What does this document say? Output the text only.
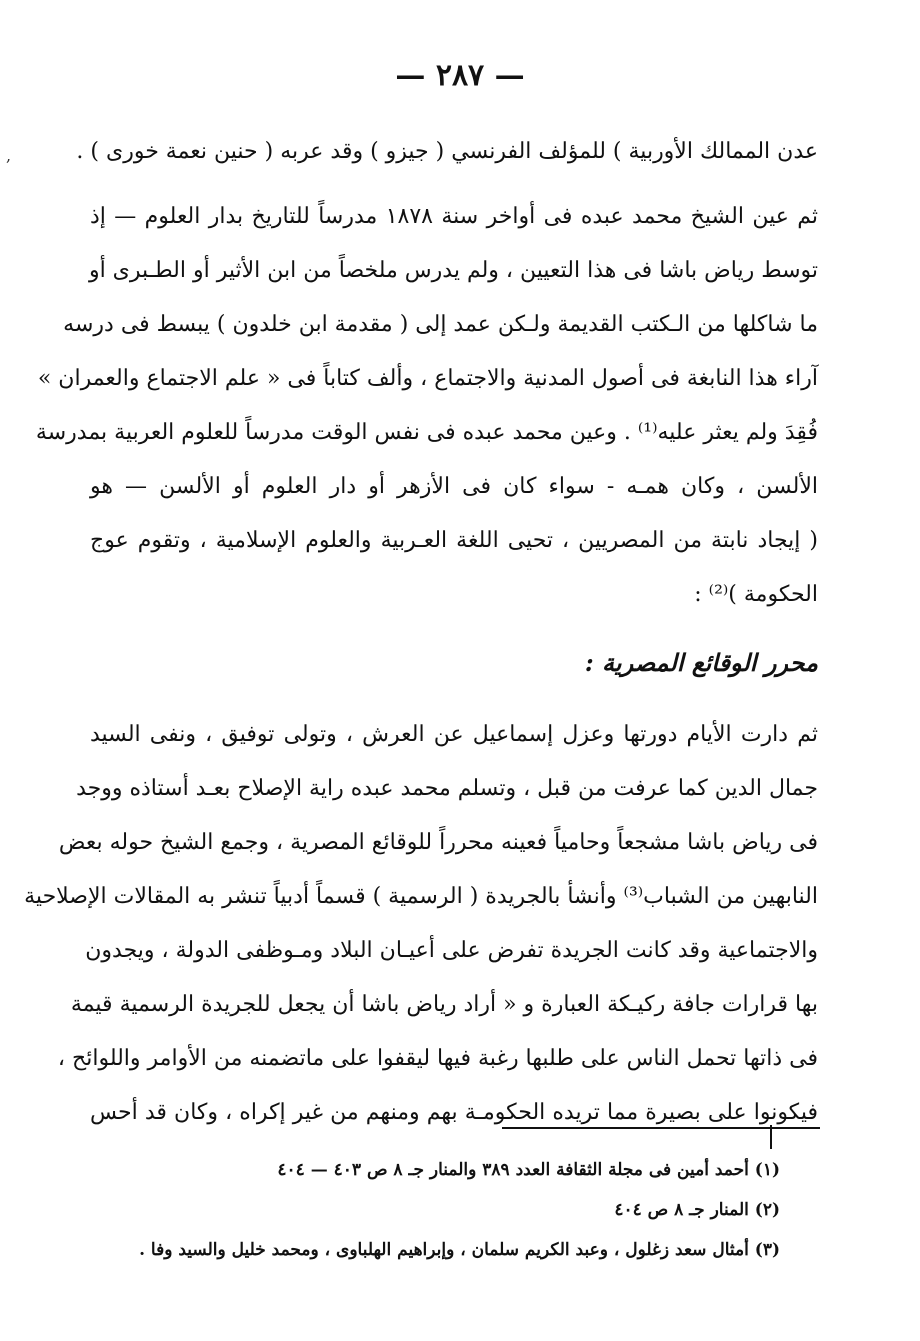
,
— ٢٨٧ —
عدن الممالك الأوربية ) للمؤلف الفرنسي ( جيزو ) وقد عربه ( حنين نعمة خورى ) .
ثم عين الشيخ محمد عبده فى أواخر سنة ١٨٧٨ مدرساً للتاريخ بدار العلوم — إذ
توسط رياض باشا فى هذا التعيين ، ولم يدرس ملخصاً من ابن الأثير أو الطـبرى أو
ما شاكلها من الـكتب القديمة ولـكن عمد إلى ( مقدمة ابن خلدون ) يبسط فى درسه
آراء هذا النابغة فى أصول المدنية والاجتماع ، وألف كتاباً فى « علم الاجتماع والعمران »
فُقِدَ ولم يعثر عليه⁽¹⁾ . وعين محمد عبده فى نفس الوقت مدرساً للعلوم العربية بمدرسة
الألسن ، وكان همـه - سواء كان فى الأزهر أو دار العلوم أو الألسن — هو
( إيجاد نابتة من المصريين ، تحيى اللغة العـربية والعلوم الإسلامية ، وتقوم عوج
الحكومة )⁽²⁾ :
محرر الوقائع المصرية :
ثم دارت الأيام دورتها وعزل إسماعيل عن العرش ، وتولى توفيق ، ونفى السيد
جمال الدين كما عرفت من قبل ، وتسلم محمد عبده راية الإصلاح بعـد أستاذه ووجد
فى رياض باشا مشجعاً وحامياً فعينه محرراً للوقائع المصرية ، وجمع الشيخ حوله بعض
النابهين من الشباب⁽³⁾ وأنشأ بالجريدة ( الرسمية ) قسماً أدبياً تنشر به المقالات الإصلاحية
والاجتماعية وقد كانت الجريدة تفرض على أعيـان البلاد ومـوظفى الدولة ، ويجدون
بها قرارات جافة ركيـكة العبارة و « أراد رياض باشا أن يجعل للجريدة الرسمية قيمة
فى ذاتها تحمل الناس على طلبها رغبة فيها ليقفوا على ماتضمنه من الأوامر واللوائح ،
فيكونوا على بصيرة مما تريده الحكومـة بهم ومنهم من غير إكراه ، وكان قد أحس
(١) أحمد أمين فى مجلة الثقافة العدد ٣٨٩ والمنار جـ ٨ ص ٤٠٣ — ٤٠٤
(٢) المنار جـ ٨ ص ٤٠٤
(٣) أمثال سعد زغلول ، وعبد الكريم سلمان ، وإبراهيم الهلباوى ، ومحمد خليل والسيد وفا .
